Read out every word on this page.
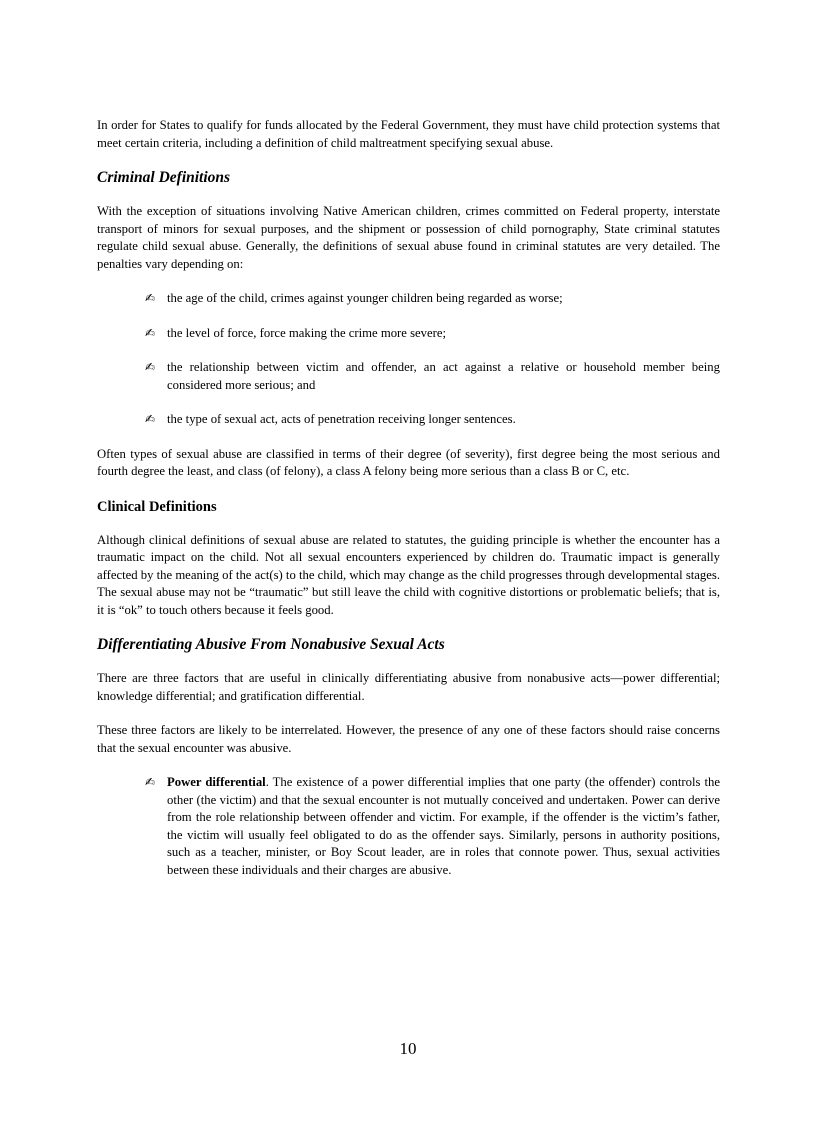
In order for States to qualify for funds allocated by the Federal Government, they must have child protection systems that meet certain criteria, including a definition of child maltreatment specifying sexual abuse.

Criminal Definitions

With the exception of situations involving Native American children, crimes committed on Federal property, interstate transport of minors for sexual purposes, and the shipment or possession of child pornography, State criminal statutes regulate child sexual abuse. Generally, the definitions of sexual abuse found in criminal statutes are very detailed. The penalties vary depending on:

✍ the age of the child, crimes against younger children being regarded as worse;
✍ the level of force, force making the crime more severe;
✍ the relationship between victim and offender, an act against a relative or household member being considered more serious; and
✍ the type of sexual act, acts of penetration receiving longer sentences.

Often types of sexual abuse are classified in terms of their degree (of severity), first degree being the most serious and fourth degree the least, and class (of felony), a class A felony being more serious than a class B or C, etc.

Clinical Definitions

Although clinical definitions of sexual abuse are related to statutes, the guiding principle is whether the encounter has a traumatic impact on the child. Not all sexual encounters experienced by children do. Traumatic impact is generally affected by the meaning of the act(s) to the child, which may change as the child progresses through developmental stages. The sexual abuse may not be “traumatic” but still leave the child with cognitive distortions or problematic beliefs; that is, it is “ok” to touch others because it feels good.

Differentiating Abusive From Nonabusive Sexual Acts

There are three factors that are useful in clinically differentiating abusive from nonabusive acts—power differential; knowledge differential; and gratification differential.

These three factors are likely to be interrelated. However, the presence of any one of these factors should raise concerns that the sexual encounter was abusive.

✍ Power differential. The existence of a power differential implies that one party (the offender) controls the other (the victim) and that the sexual encounter is not mutually conceived and undertaken. Power can derive from the role relationship between offender and victim. For example, if the offender is the victim’s father, the victim will usually feel obligated to do as the offender says. Similarly, persons in authority positions, such as a teacher, minister, or Boy Scout leader, are in roles that connote power. Thus, sexual activities between these individuals and their charges are abusive.
10
